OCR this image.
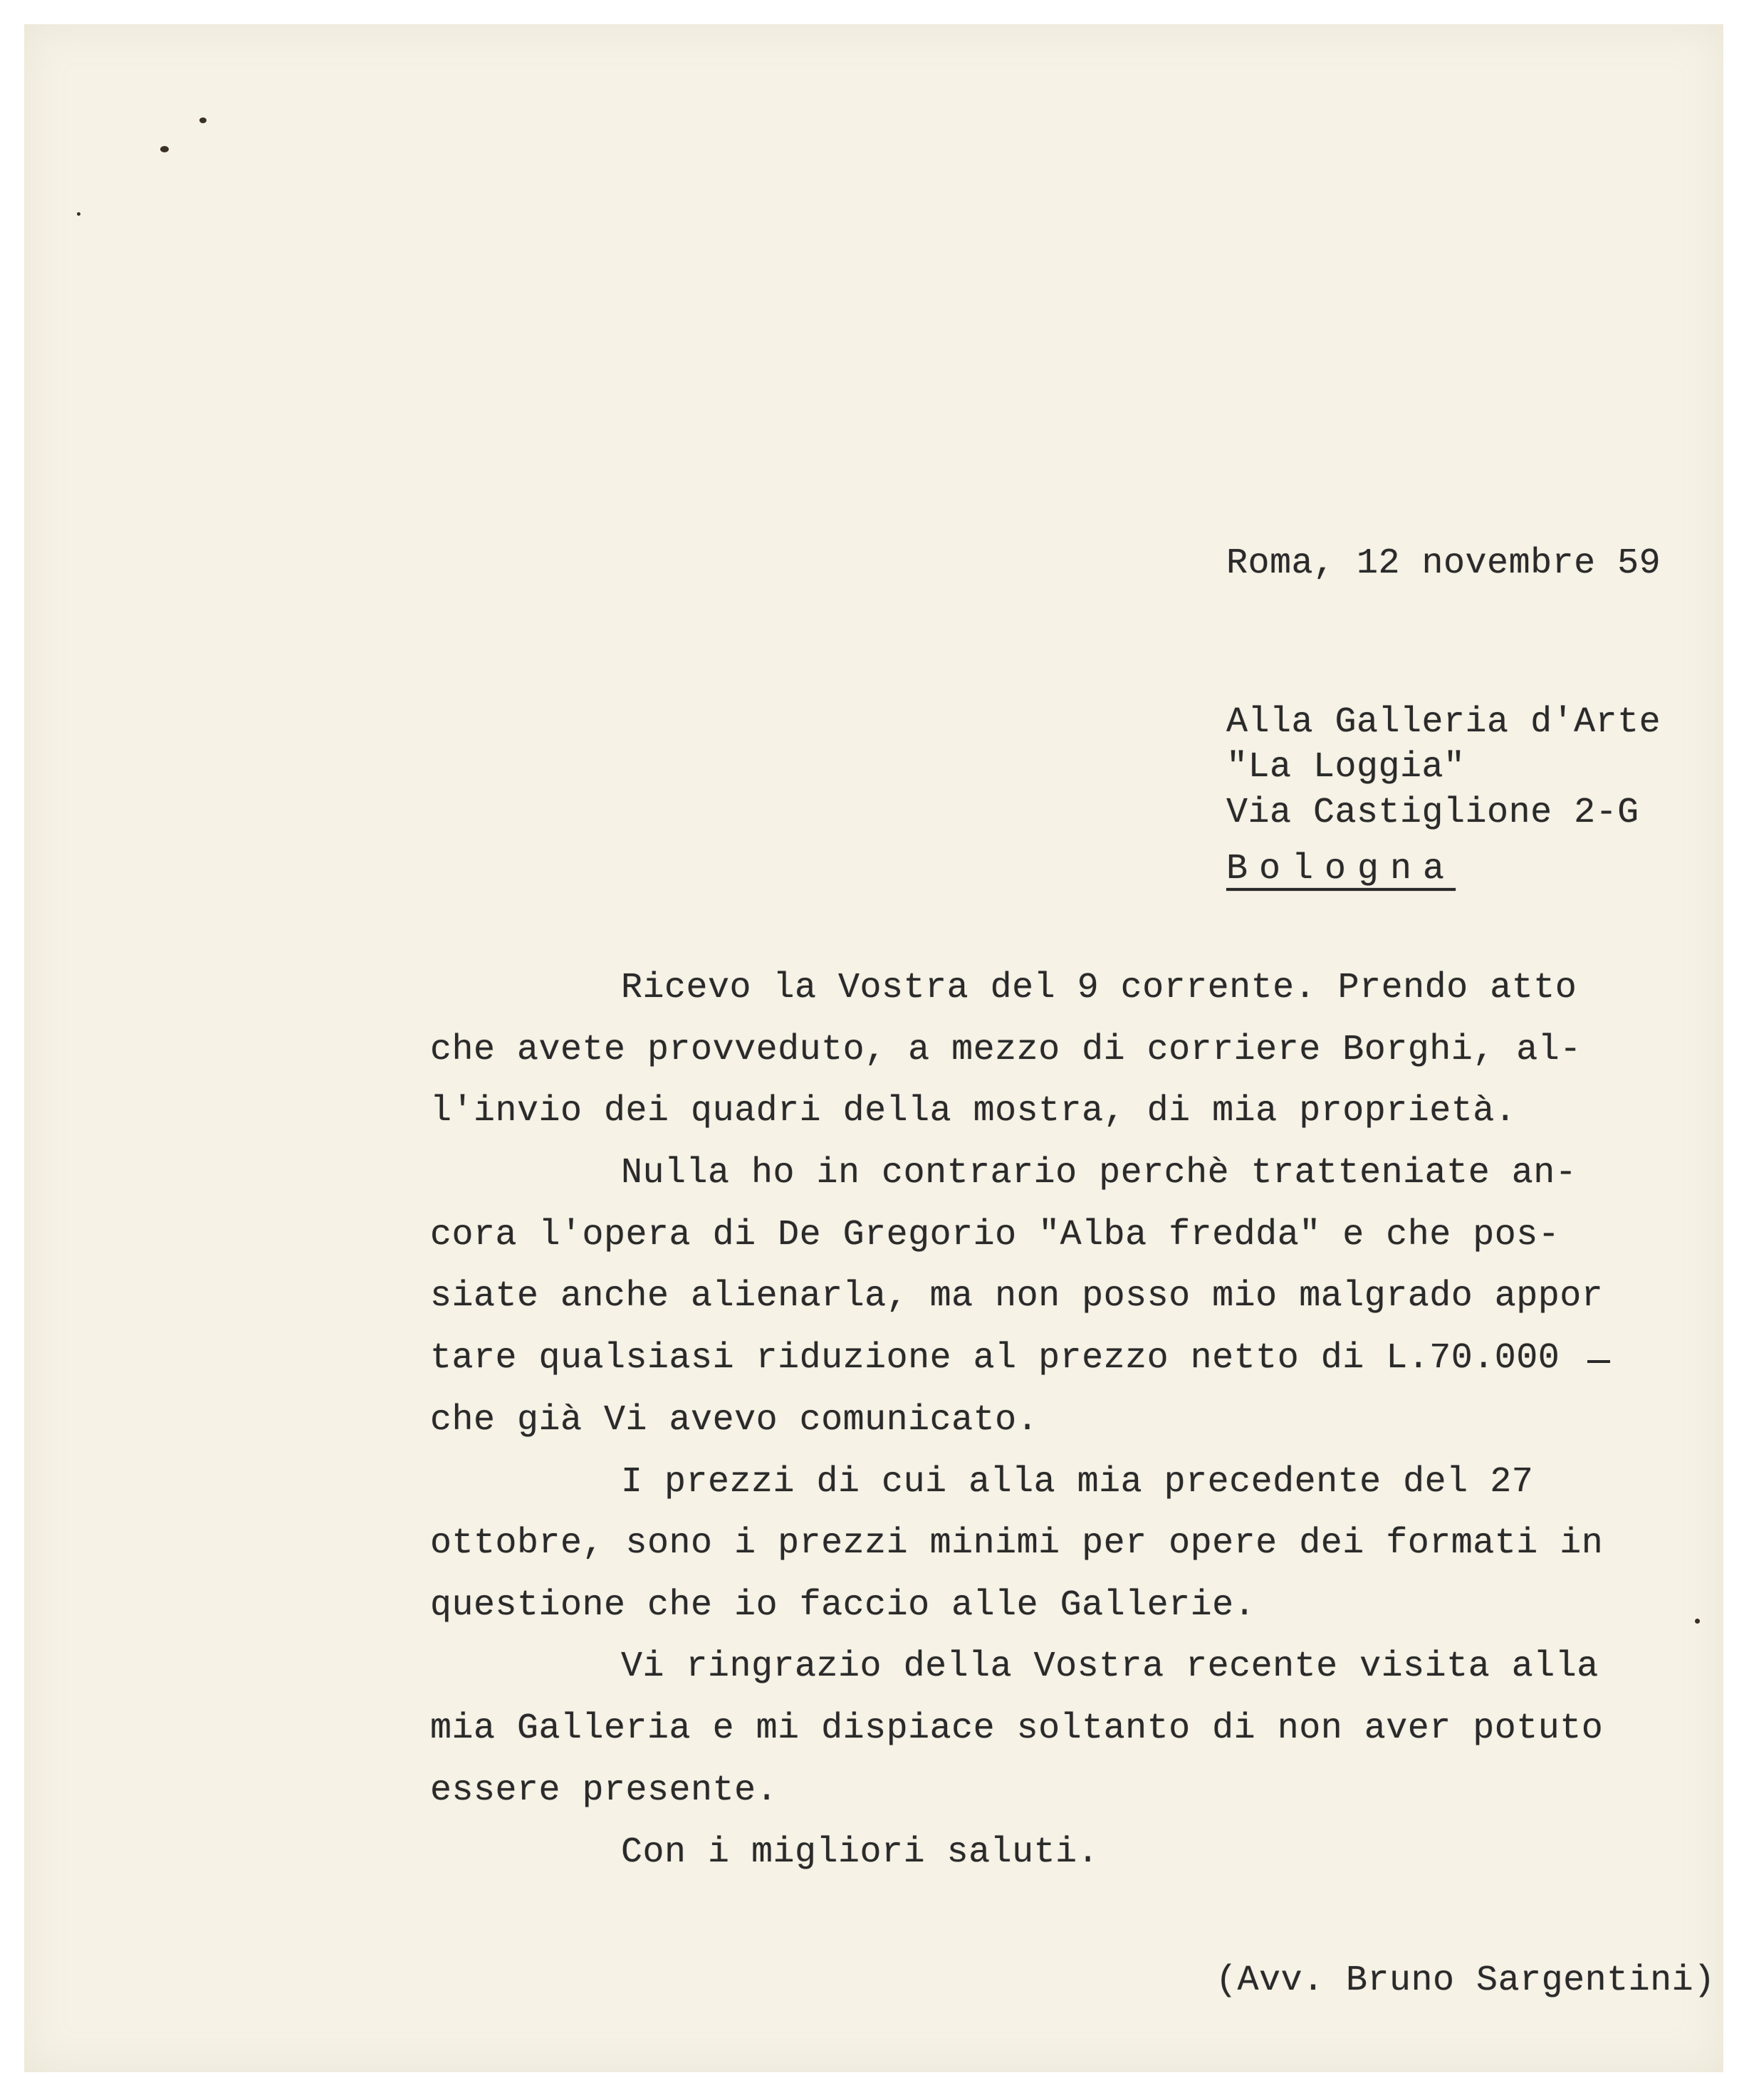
Roma, 12 novembre 59
Alla Galleria d'Arte
"La Loggia"
Via Castiglione 2-G
Bologna
Ricevo la Vostra del 9 corrente. Prendo atto
che avete provveduto, a mezzo di corriere Borghi, al-
l'invio dei quadri della mostra, di mia proprietà.
Nulla ho in contrario perchè tratteniate an-
cora l'opera di De Gregorio "Alba fredda" e che pos-
siate anche alienarla, ma non posso mio malgrado appor
tare qualsiasi riduzione al prezzo netto di L.70.000
che già Vi avevo comunicato.
I prezzi di cui alla mia precedente del 27
ottobre, sono i prezzi minimi per opere dei formati in
questione che io faccio alle Gallerie.
Vi ringrazio della Vostra recente visita alla
mia Galleria e mi dispiace soltanto di non aver potuto
essere presente.
Con i migliori saluti.
(Avv. Bruno Sargentini)
